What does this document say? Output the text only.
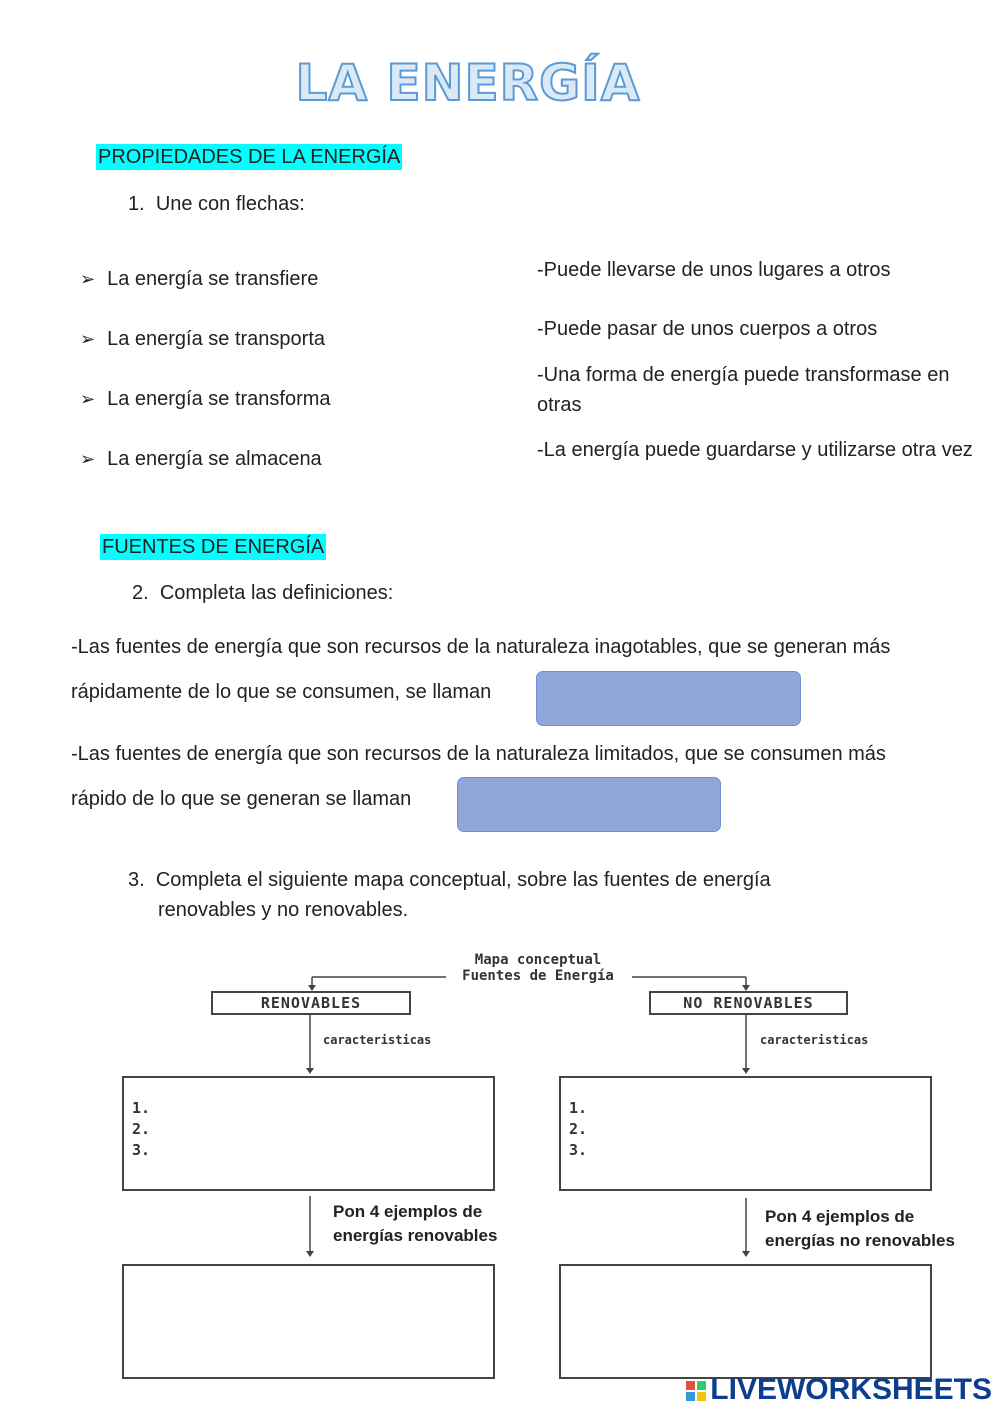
LA ENERGÍA
PROPIEDADES DE LA ENERGÍA
1. Une con flechas:
➢ La energía se transfiere
➢ La energía se transporta
➢ La energía se transforma
➢ La energía se almacena
-Puede llevarse de unos lugares a otros
-Puede pasar de unos cuerpos a otros
-Una forma de energía puede transformase en otras
-La energía puede guardarse y utilizarse otra vez
FUENTES DE ENERGÍA
2. Completa las definiciones:
-Las fuentes de energía que son recursos de la naturaleza inagotables, que se generan más
rápidamente de lo que se consumen, se llaman
-Las fuentes de energía que son recursos de la naturaleza limitados, que se consumen más
rápido de lo que se generan se llaman
3. Completa el siguiente mapa conceptual, sobre las fuentes de energía
renovables y no renovables.
Mapa conceptual
Fuentes de Energía
RENOVABLES	NO RENOVABLES
caracteristicas	caracteristicas

1.

2.

3.

1.

2.

3.

Pon 4 ejemplos de
energías renovables
Pon 4 ejemplos de
energías no renovables
LIVEWORKSHEETS
